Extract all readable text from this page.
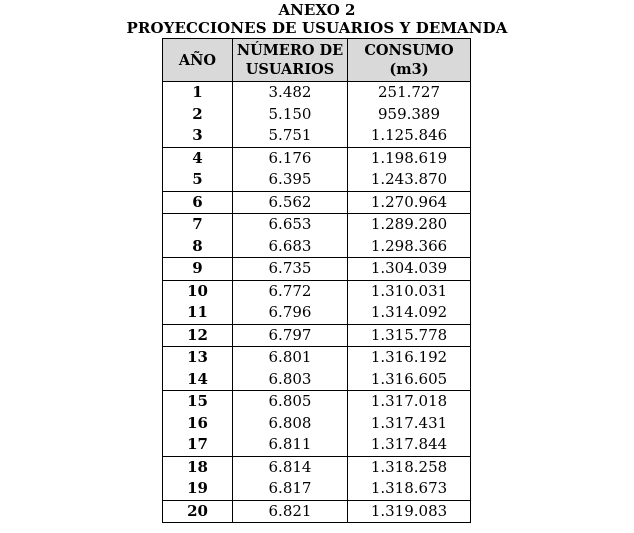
ANEXO 2
PROYECCIONES DE USUARIOS Y DEMANDA
AÑO	NÚMERO DE USUARIOS	CONSUMO (m3)
1	3.482	251.727
2	5.150	959.389
3	5.751	1.125.846
4	6.176	1.198.619
5	6.395	1.243.870
6	6.562	1.270.964
7	6.653	1.289.280
8	6.683	1.298.366
9	6.735	1.304.039
10	6.772	1.310.031
11	6.796	1.314.092
12	6.797	1.315.778
13	6.801	1.316.192
14	6.803	1.316.605
15	6.805	1.317.018
16	6.808	1.317.431
17	6.811	1.317.844
18	6.814	1.318.258
19	6.817	1.318.673
20	6.821	1.319.083
